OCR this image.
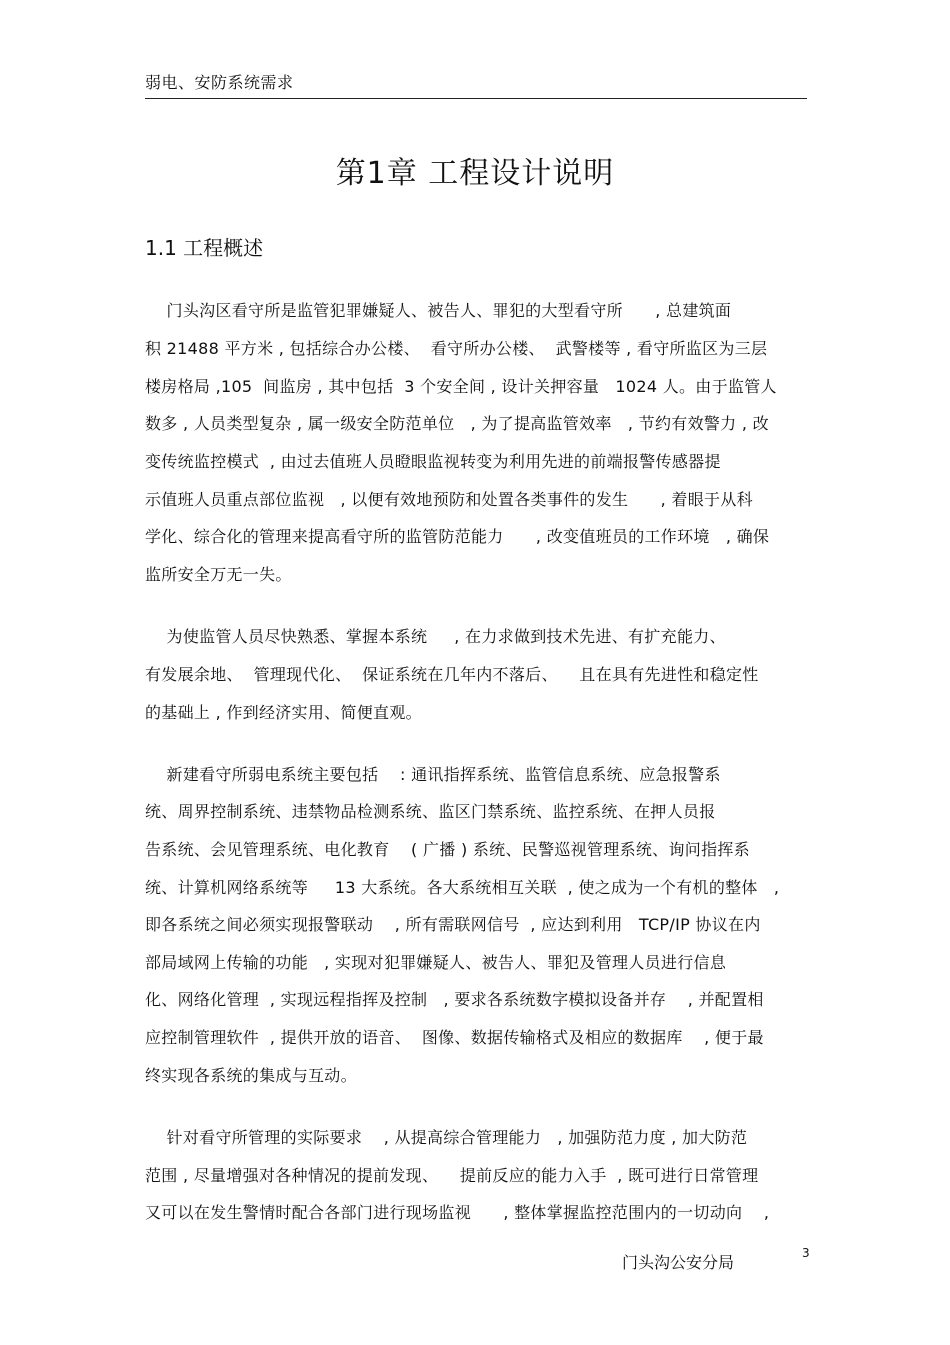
弱电、安防系统需求
第1章 工程设计说明
1.1 工程概述
门头沟区看守所是监管犯罪嫌疑人、被告人、罪犯的大型看守所      , 总建筑面
积 21488 平方米 , 包括综合办公楼、  看守所办公楼、  武警楼等 , 看守所监区为三层
楼房格局 ,105  间监房 , 其中包括  3 个安全间 , 设计关押容量   1024 人。由于监管人
数多 , 人员类型复杂 , 属一级安全防范单位   , 为了提高监管效率   , 节约有效警力 , 改
变传统监控模式  , 由过去值班人员瞪眼监视转变为利用先进的前端报警传感器提
示值班人员重点部位监视   , 以便有效地预防和处置各类事件的发生      , 着眼于从科
学化、综合化的管理来提高看守所的监管防范能力      , 改变值班员的工作环境   , 确保
监所安全万无一失。
为使监管人员尽快熟悉、掌握本系统     , 在力求做到技术先进、有扩充能力、
有发展余地、  管理现代化、  保证系统在几年内不落后、    且在具有先进性和稳定性
的基础上 , 作到经济实用、简便直观。
新建看守所弱电系统主要包括    : 通讯指挥系统、监管信息系统、应急报警系
统、周界控制系统、违禁物品检测系统、监区门禁系统、监控系统、在押人员报
告系统、会见管理系统、电化教育    ( 广播 ) 系统、民警巡视管理系统、询问指挥系
统、计算机网络系统等     13 大系统。各大系统相互关联  , 使之成为一个有机的整体   ,
即各系统之间必须实现报警联动    , 所有需联网信号  , 应达到利用   TCP/IP 协议在内
部局域网上传输的功能   , 实现对犯罪嫌疑人、被告人、罪犯及管理人员进行信息
化、网络化管理  , 实现远程指挥及控制   , 要求各系统数字模拟设备并存    , 并配置相
应控制管理软件  , 提供开放的语音、  图像、数据传输格式及相应的数据库    , 便于最
终实现各系统的集成与互动。
针对看守所管理的实际要求    , 从提高综合管理能力   , 加强防范力度 , 加大防范
范围 , 尽量增强对各种情况的提前发现、    提前反应的能力入手  , 既可进行日常管理
又可以在发生警情时配合各部门进行现场监视      , 整体掌握监控范围内的一切动向    ,
门头沟公安分局	3
